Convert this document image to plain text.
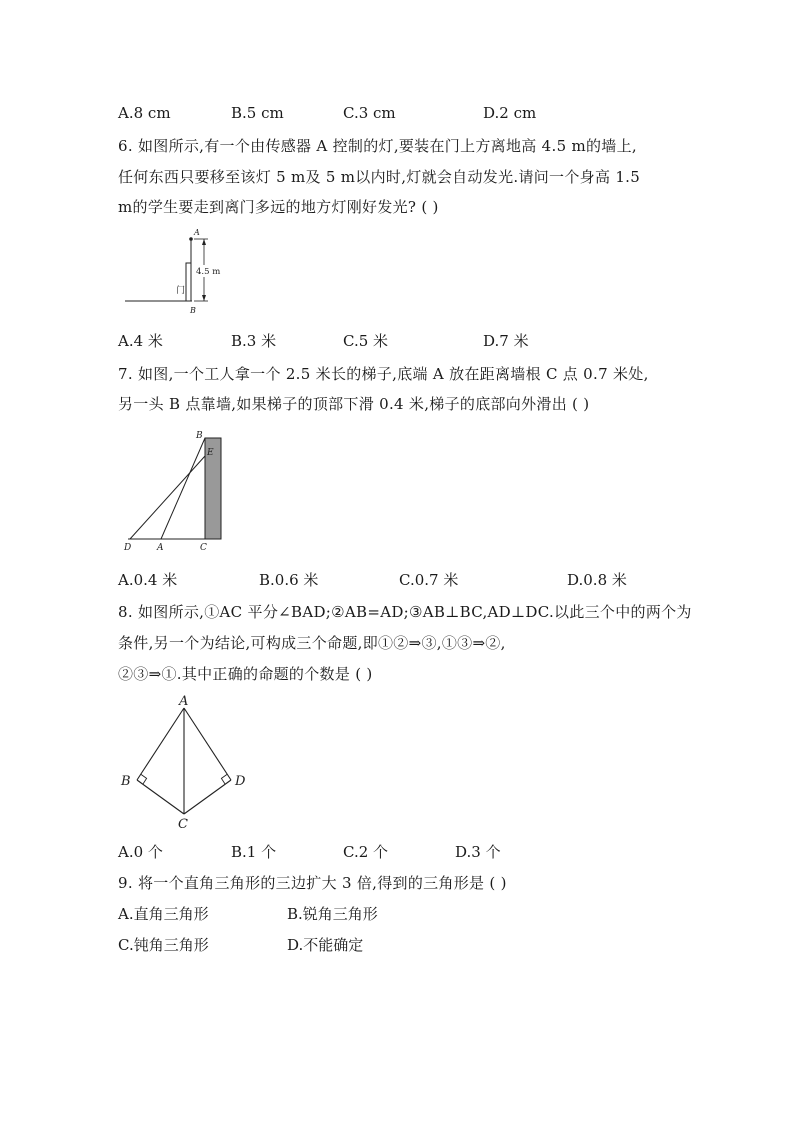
A.8 cm	B.5 cm	C.3 cm	D.2 cm
6. 如图所示,有一个由传感器 A 控制的灯,要装在门上方离地高 4.5 m的墙上,
任何东西只要移至该灯 5 m及 5 m以内时,灯就会自动发光.请问一个身高 1.5
m的学生要走到离门多远的地方灯刚好发光? ( )
4.5 m
A
B
门
A.4 米	B.3 米	C.5 米	D.7 米
7. 如图,一个工人拿一个 2.5 米长的梯子,底端 A 放在距离墙根 C 点 0.7 米处,
另一头 B 点靠墙,如果梯子的顶部下滑 0.4 米,梯子的底部向外滑出 ( )
B
E
D	A	C
A.0.4 米	B.0.6 米	C.0.7 米	D.0.8 米
8. 如图所示,①AC 平分∠BAD;②AB=AD;③AB⊥BC,AD⊥DC.以此三个中的两个为
条件,另一个为结论,可构成三个命题,即①②⇒③,①③⇒②,
②③⇒①.其中正确的命题的个数是 ( )
A
B	D
C
A.0 个	B.1 个	C.2 个	D.3 个
9. 将一个直角三角形的三边扩大 3 倍,得到的三角形是 ( )
A.直角三角形	B.锐角三角形
C.钝角三角形	D.不能确定
